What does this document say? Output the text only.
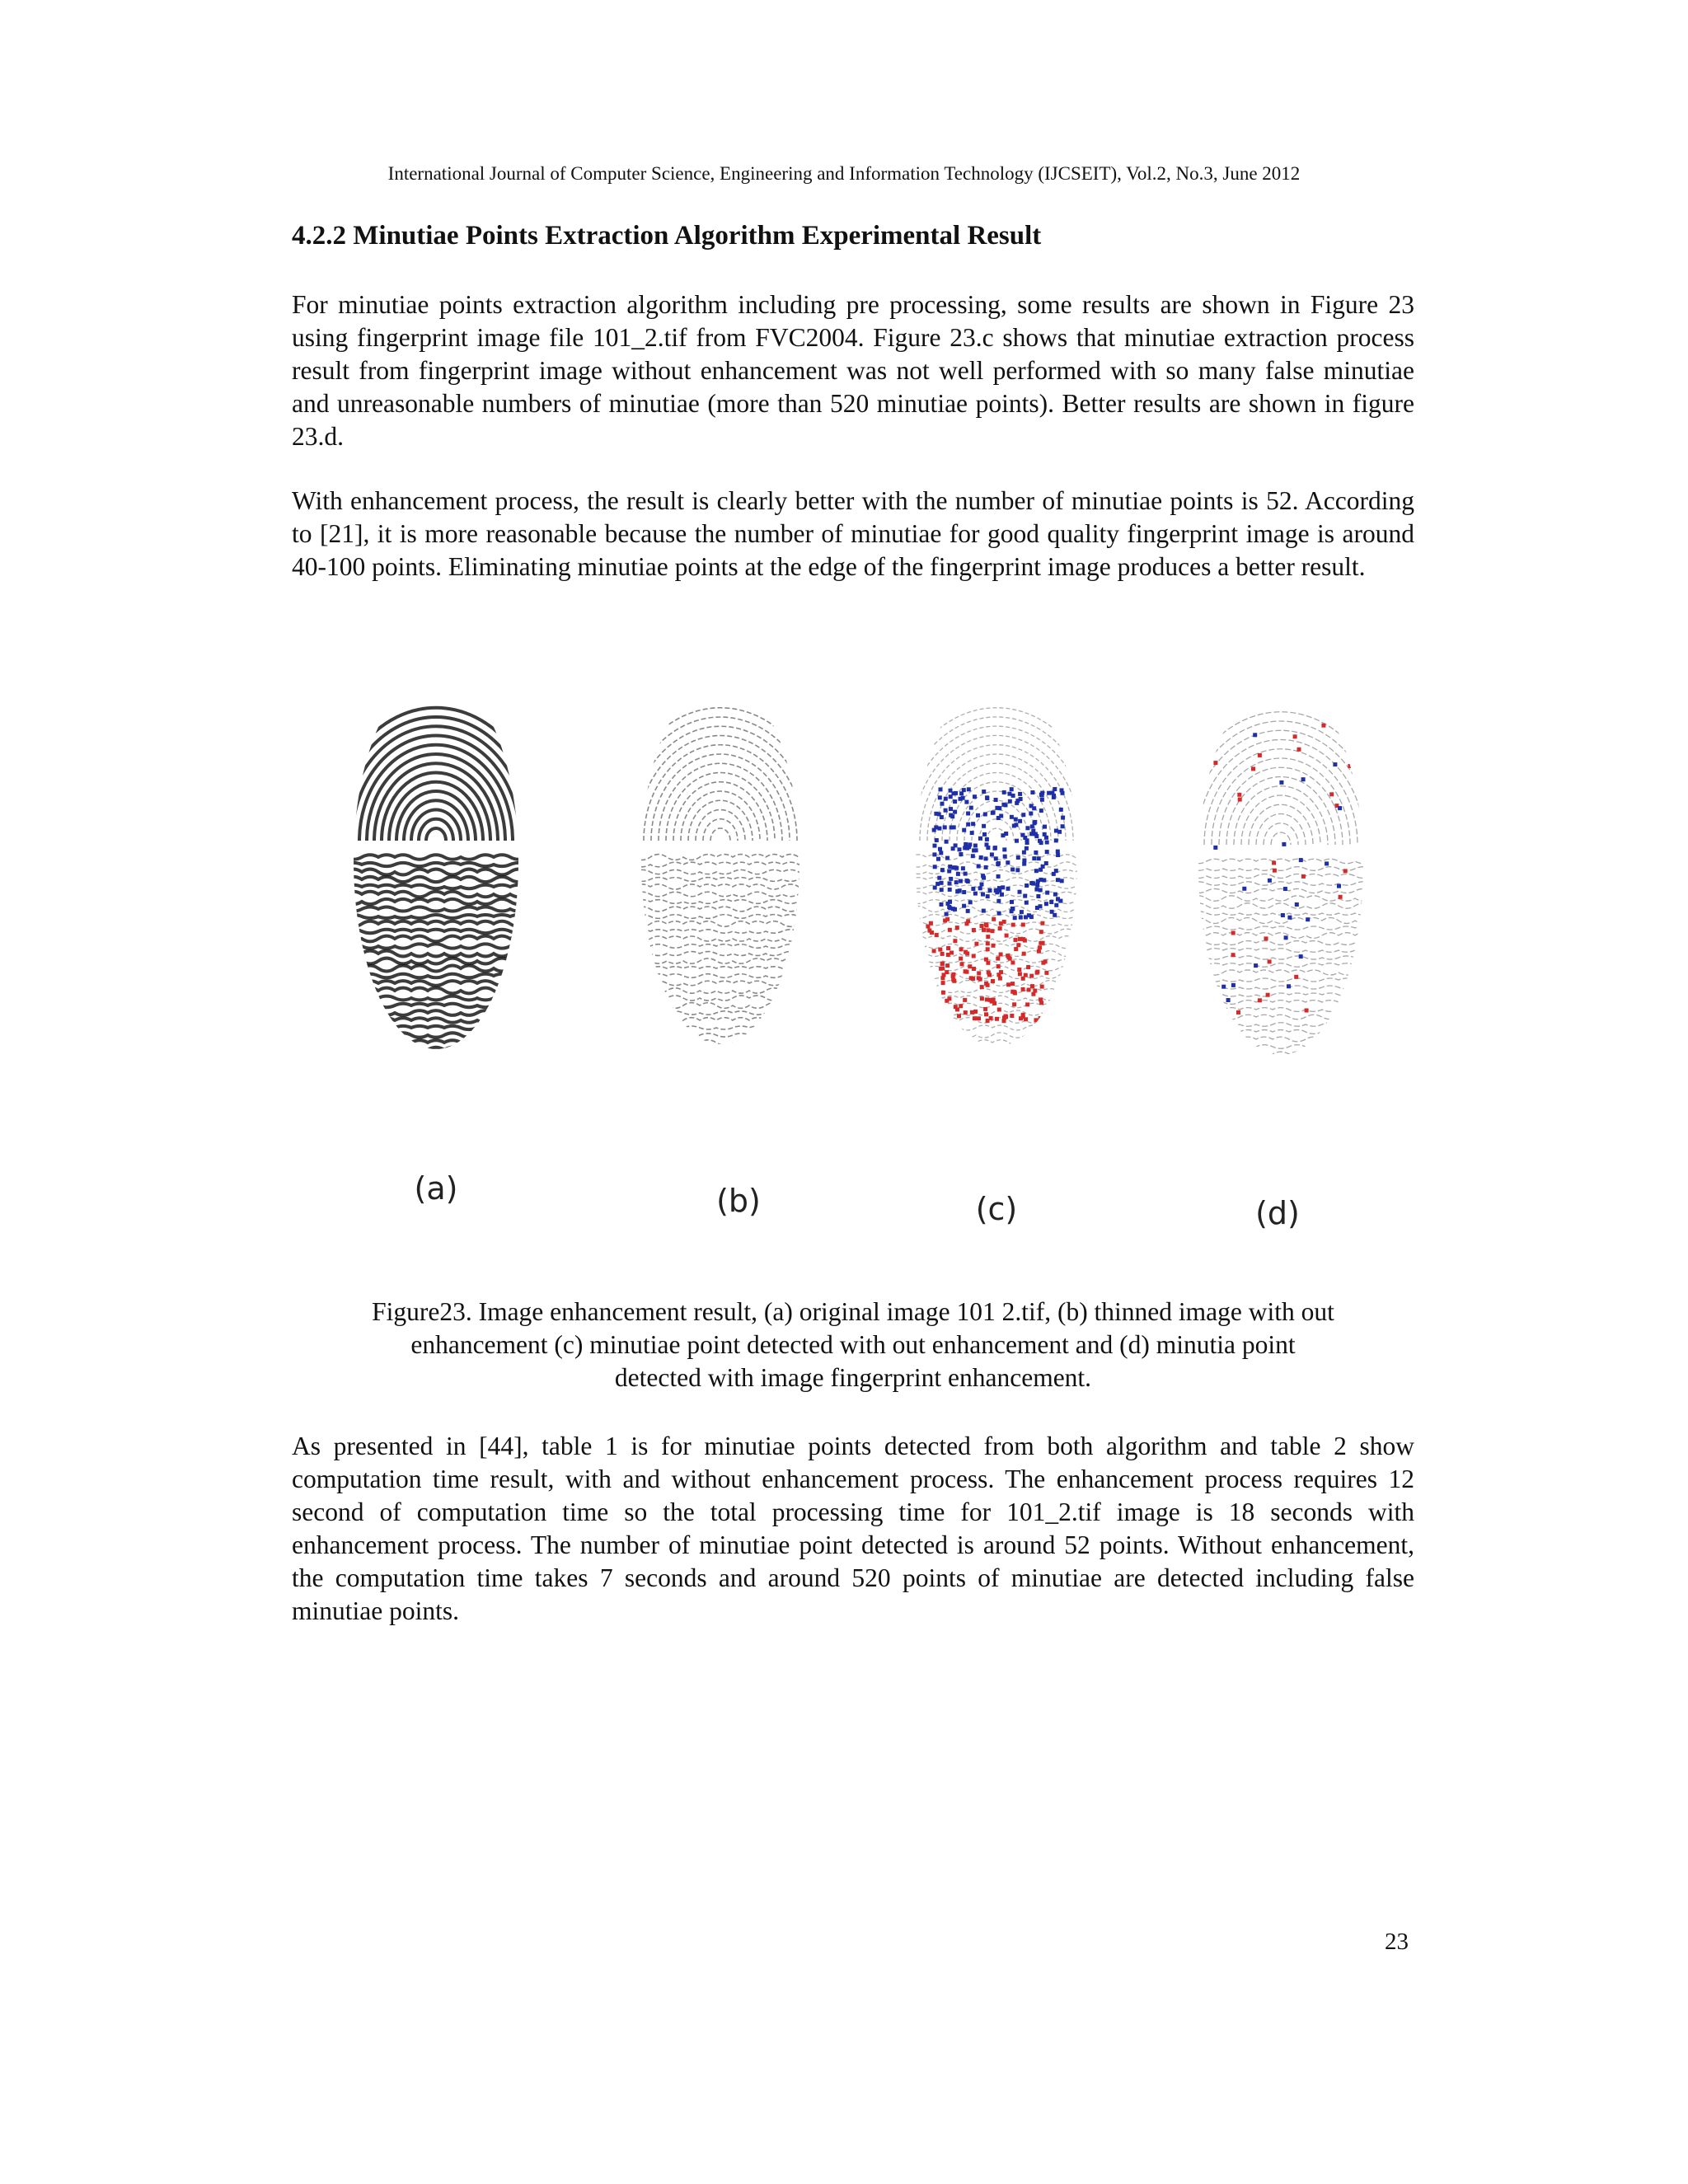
International Journal of Computer Science, Engineering and Information Technology (IJCSEIT), Vol.2, No.3, June 2012
4.2.2 Minutiae Points Extraction Algorithm Experimental Result

For minutiae points extraction algorithm including pre processing, some results are shown in Figure 23 using fingerprint image file 101_2.tif from FVC2004. Figure 23.c shows that minutiae extraction process result from fingerprint image without enhancement was not well performed with so many false minutiae and unreasonable numbers of minutiae (more than 520 minutiae points). Better results are shown in figure 23.d.

With enhancement process, the result is clearly better with the number of minutiae points is 52. According to [21], it is more reasonable because the number of minutiae for good quality fingerprint image is around 40-100 points. Eliminating minutiae points at the edge of the fingerprint image produces a better result.

(a)	(b)	(c)	(d)
Figure23. Image enhancement result, (a) original image 101 2.tif, (b) thinned image with out
enhancement (c) minutiae point detected with out enhancement and (d) minutia point
detected with image fingerprint enhancement.

As presented in [44], table 1 is for minutiae points detected from both algorithm and table 2 show computation time result, with and without enhancement process. The enhancement process requires 12 second of computation time so the total processing time for 101_2.tif image is 18 seconds with enhancement process. The number of minutiae point detected is around 52 points. Without enhancement, the computation time takes 7 seconds and around 520 points of minutiae are detected including false minutiae points.

23
